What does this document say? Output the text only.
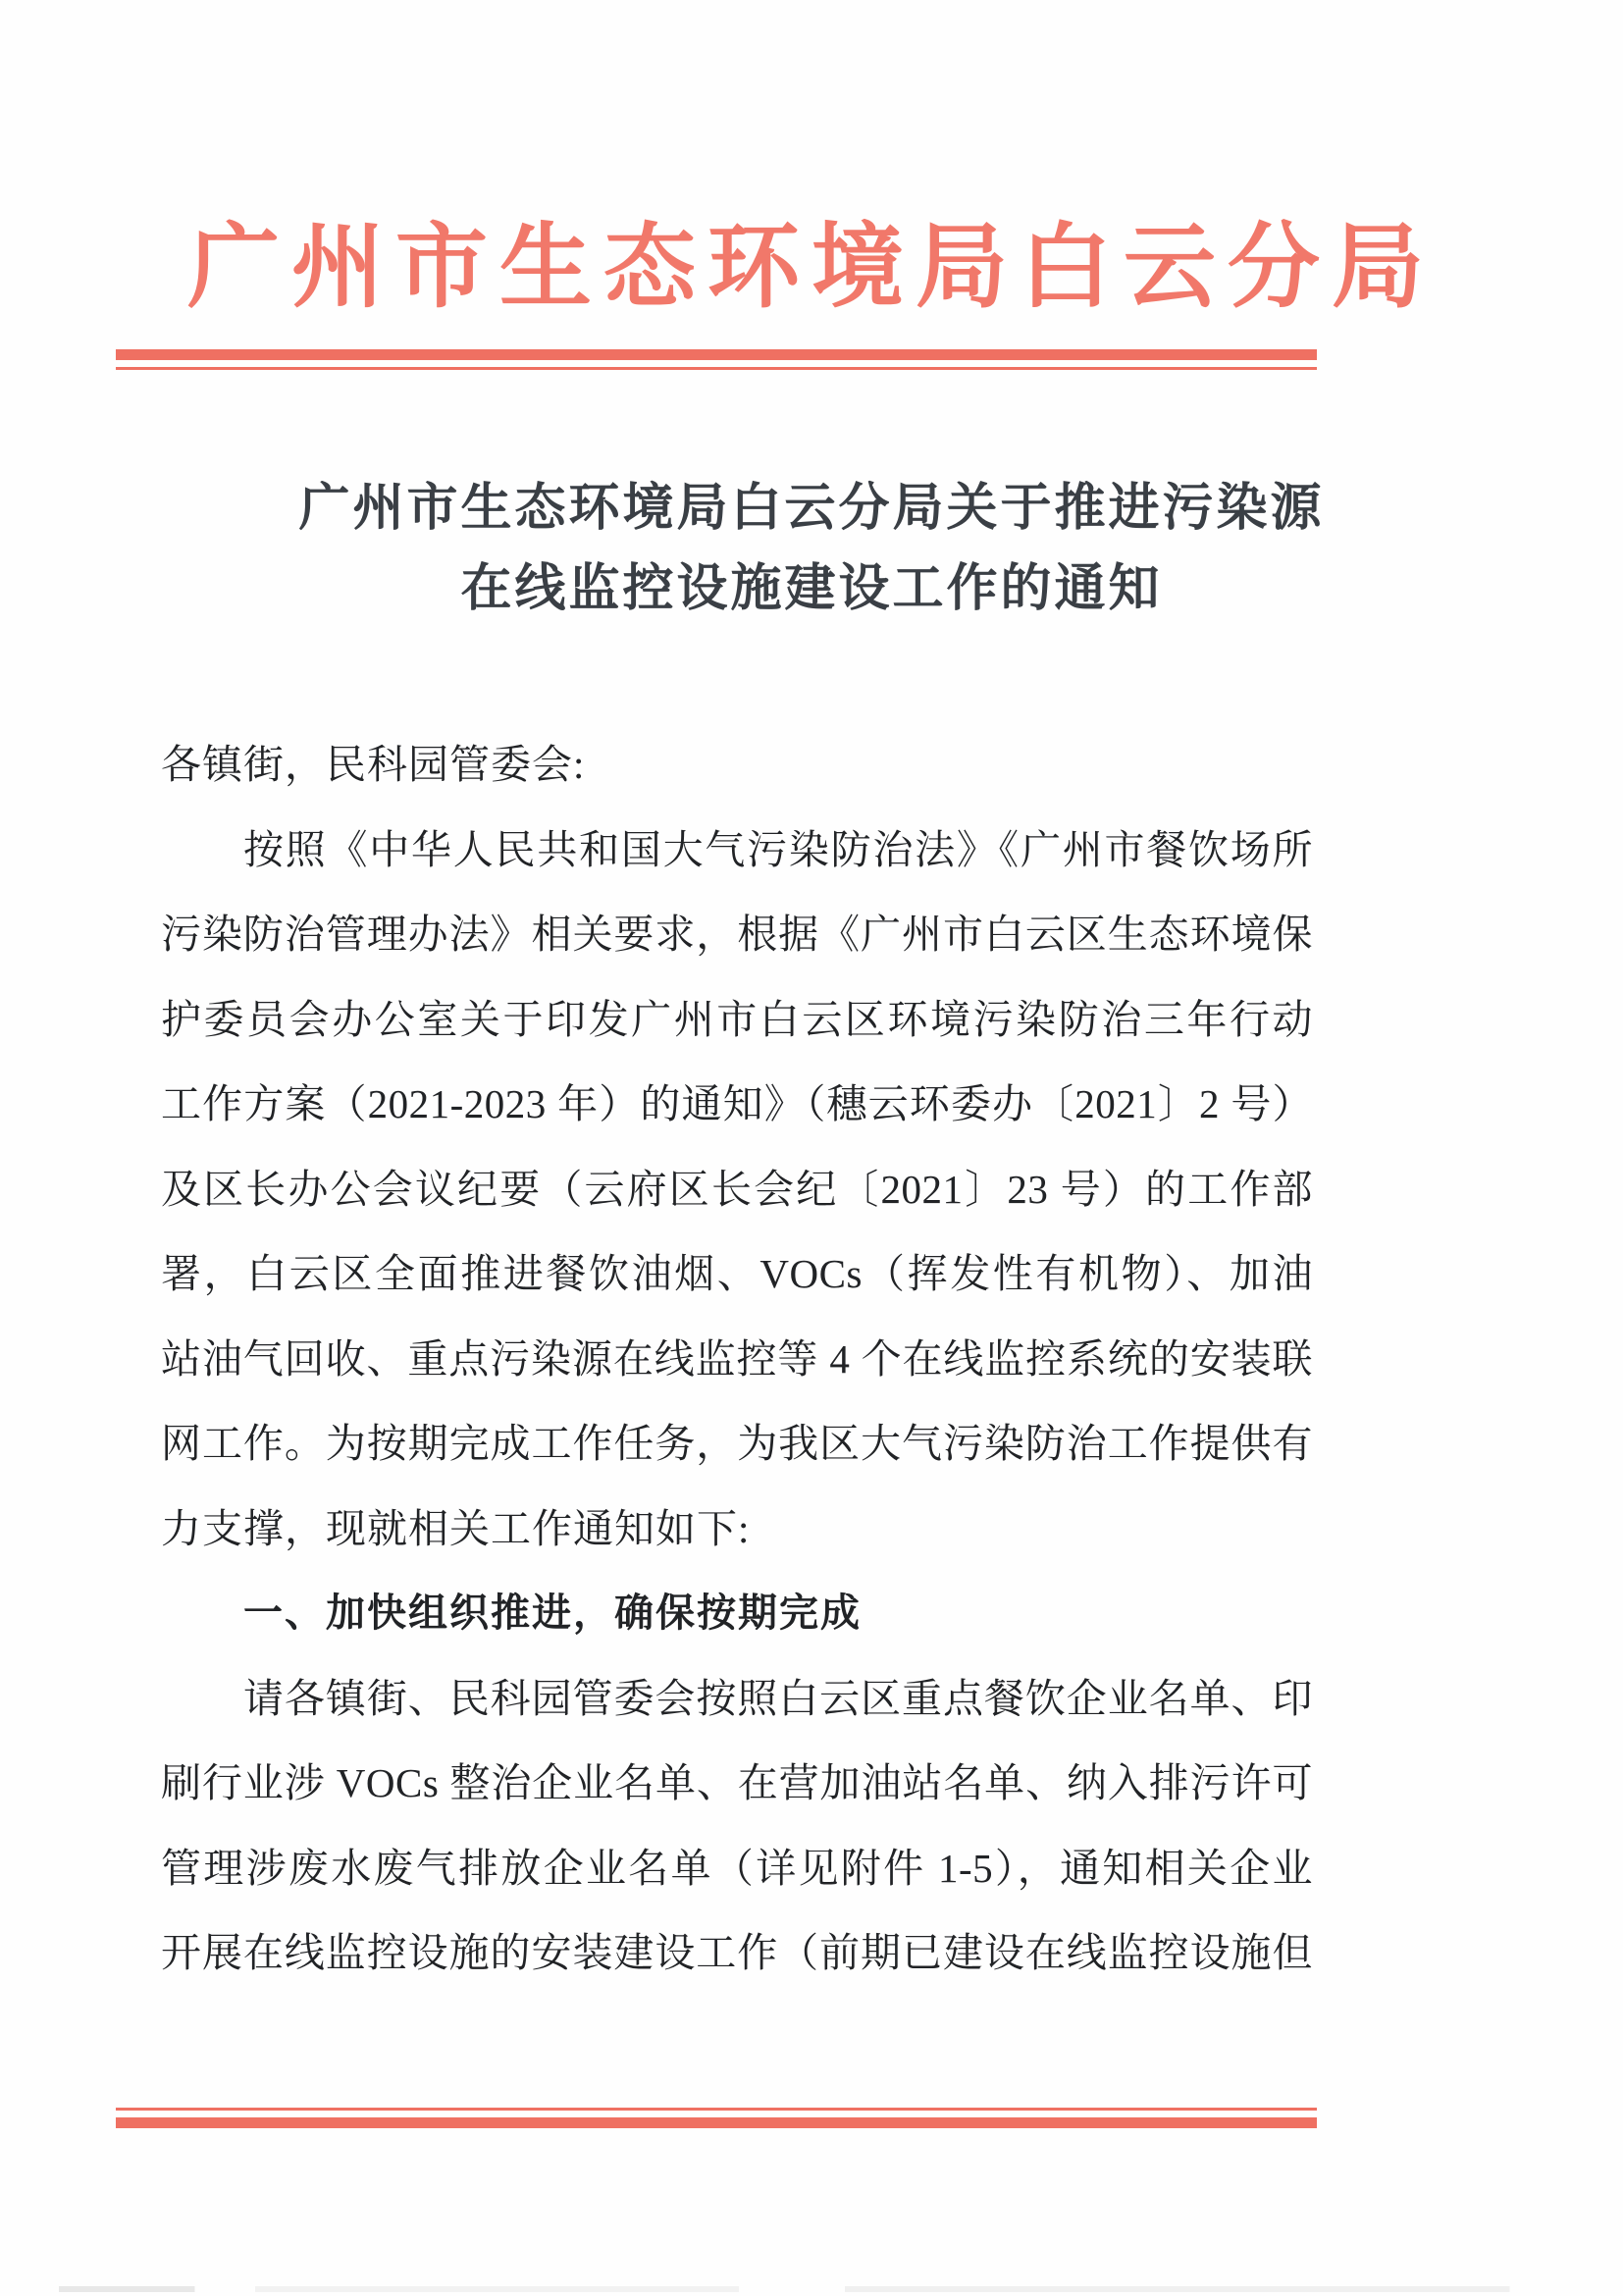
广州市生态环境局白云分局
广州市生态环境局白云分局关于推进污染源
在线监控设施建设工作的通知
各镇街，民科园管委会:
按照《中华人民共和国大气污染防治法》《广州市餐饮场所
污染防治管理办法》相关要求，根据《广州市白云区生态环境保
护委员会办公室关于印发广州市白云区环境污染防治三年行动
工作方案（2021-2023 年）的通知》（穗云环委办〔2021〕2 号）
及区长办公会议纪要（云府区长会纪〔2021〕23 号）的工作部
署，白云区全面推进餐饮油烟、VOCs（挥发性有机物）、加油
站油气回收、重点污染源在线监控等 4 个在线监控系统的安装联
网工作。为按期完成工作任务，为我区大气污染防治工作提供有
力支撑，现就相关工作通知如下:
一、加快组织推进，确保按期完成
请各镇街、民科园管委会按照白云区重点餐饮企业名单、印
刷行业涉 VOCs 整治企业名单、在营加油站名单、纳入排污许可
管理涉废水废气排放企业名单（详见附件 1-5），通知相关企业
开展在线监控设施的安装建设工作（前期已建设在线监控设施但
